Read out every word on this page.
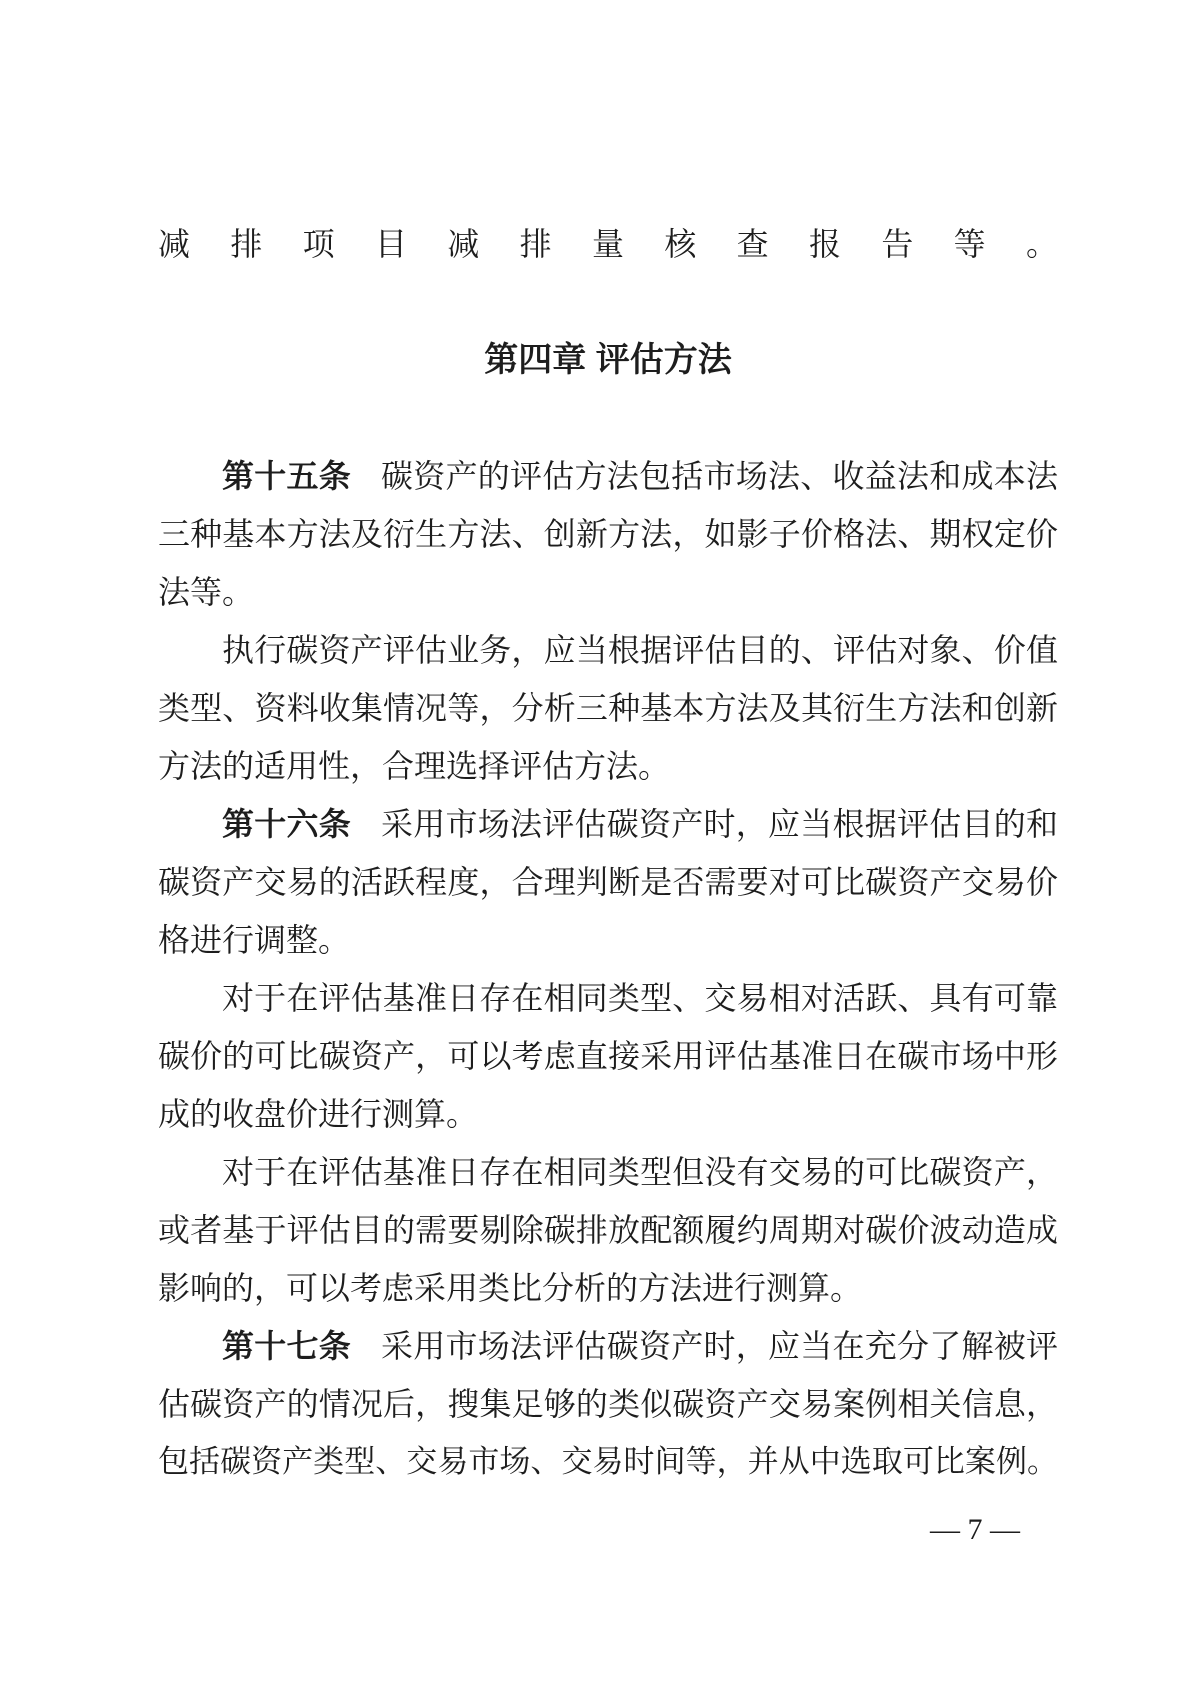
减排项目减排量核查报告等。
第四章 评估方法
第十五条 碳资产的评估方法包括市场法、收益法和成本法
三种基本方法及衍生方法、创新方法，如影子价格法、期权定价
法等。
执行碳资产评估业务，应当根据评估目的、评估对象、价值
类型、资料收集情况等，分析三种基本方法及其衍生方法和创新
方法的适用性，合理选择评估方法。
第十六条 采用市场法评估碳资产时，应当根据评估目的和
碳资产交易的活跃程度，合理判断是否需要对可比碳资产交易价
格进行调整。
对于在评估基准日存在相同类型、交易相对活跃、具有可靠
碳价的可比碳资产，可以考虑直接采用评估基准日在碳市场中形
成的收盘价进行测算。
对于在评估基准日存在相同类型但没有交易的可比碳资产，
或者基于评估目的需要剔除碳排放配额履约周期对碳价波动造成
影响的，可以考虑采用类比分析的方法进行测算。
第十七条 采用市场法评估碳资产时，应当在充分了解被评
估碳资产的情况后，搜集足够的类似碳资产交易案例相关信息，
包括碳资产类型、交易市场、交易时间等，并从中选取可比案例。
— 7 —
